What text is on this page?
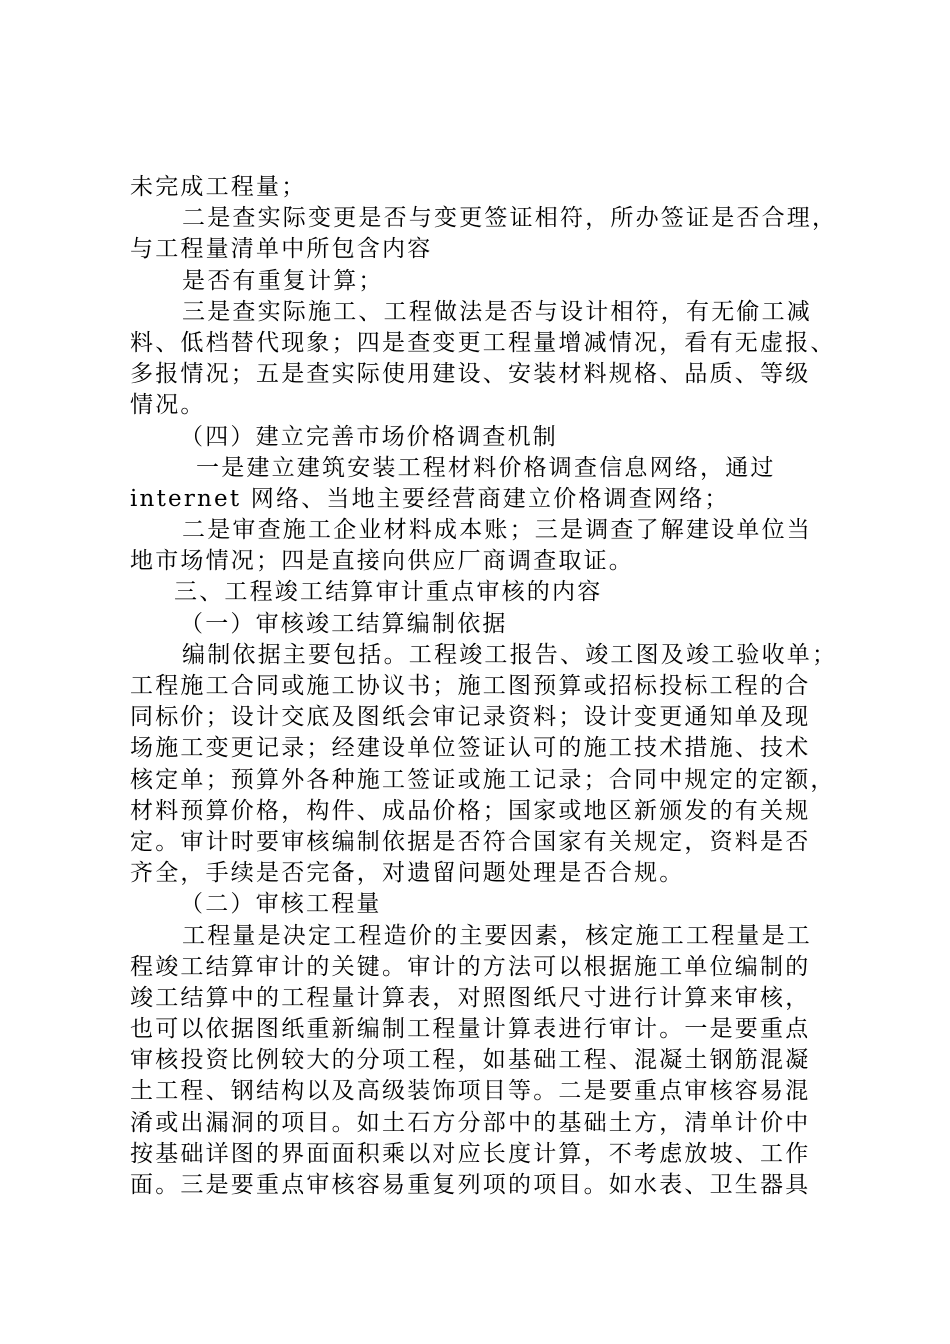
未完成工程量；
二是查实际变更是否与变更签证相符，所办签证是否合理，
与工程量清单中所包含内容
是否有重复计算；
三是查实际施工、工程做法是否与设计相符，有无偷工减
料、低档替代现象；四是查变更工程量增减情况，看有无虚报、
多报情况；五是查实际使用建设、安装材料规格、品质、等级
情况。
（四）建立完善市场价格调查机制
一是建立建筑安装工程材料价格调查信息网络，通过
internet 网络、当地主要经营商建立价格调查网络；
二是审查施工企业材料成本账；三是调查了解建设单位当
地市场情况；四是直接向供应厂商调查取证。
三、工程竣工结算审计重点审核的内容
（一）审核竣工结算编制依据
编制依据主要包括。工程竣工报告、竣工图及竣工验收单；
工程施工合同或施工协议书；施工图预算或招标投标工程的合
同标价；设计交底及图纸会审记录资料；设计变更通知单及现
场施工变更记录；经建设单位签证认可的施工技术措施、技术
核定单；预算外各种施工签证或施工记录；合同中规定的定额，
材料预算价格，构件、成品价格；国家或地区新颁发的有关规
定。审计时要审核编制依据是否符合国家有关规定，资料是否
齐全，手续是否完备，对遗留问题处理是否合规。
（二）审核工程量
工程量是决定工程造价的主要因素，核定施工工程量是工
程竣工结算审计的关键。审计的方法可以根据施工单位编制的
竣工结算中的工程量计算表，对照图纸尺寸进行计算来审核，
也可以依据图纸重新编制工程量计算表进行审计。一是要重点
审核投资比例较大的分项工程，如基础工程、混凝土钢筋混凝
土工程、钢结构以及高级装饰项目等。二是要重点审核容易混
淆或出漏洞的项目。如土石方分部中的基础土方，清单计价中
按基础详图的界面面积乘以对应长度计算，不考虑放坡、工作
面。三是要重点审核容易重复列项的项目。如水表、卫生器具
